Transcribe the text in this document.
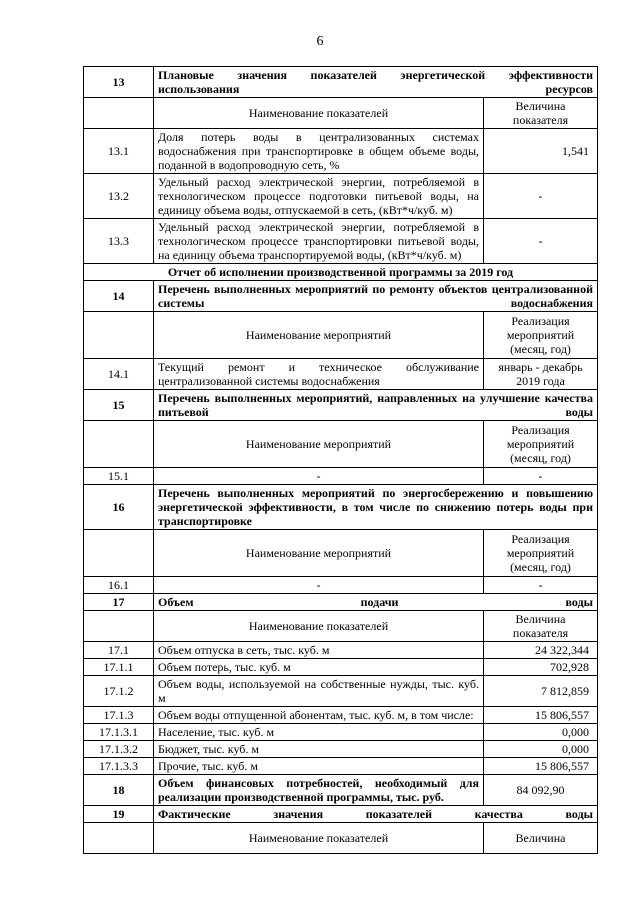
6
13	Плановые значения показателей энергетической эффективности использования ресурсов	
	Наименование показателей	Величина показателя
13.1	Доля потерь воды в централизованных системах водоснабжения при транспортировке в общем объеме воды, поданной в водопроводную сеть, %	1,541
13.2	Удельный расход электрической энергии, потребляемой в технологическом процессе подготовки питьевой воды, на единицу объема воды, отпускаемой в сеть, (кВт*ч/куб. м)	-
13.3	Удельный расход электрической энергии, потребляемой в технологическом процессе транспортировки питьевой воды, на единицу объема транспортируемой воды, (кВт*ч/куб. м)	-
Отчет об исполнении производственной программы за 2019 год		
14	Перечень выполненных мероприятий по ремонту объектов централизованной системы водоснабжения	
	Наименование мероприятий	Реализация мероприятий (месяц, год)
14.1	Текущий ремонт и техническое обслуживание централизованной системы водоснабжения	январь - декабрь 2019 года
15	Перечень выполненных мероприятий, направленных на улучшение качества питьевой воды	
	Наименование мероприятий	Реализация мероприятий (месяц, год)
15.1	-	-
16	Перечень выполненных мероприятий по энергосбережению и повышению энергетической эффективности, в том числе по снижению потерь воды при транспортировке	
	Наименование мероприятий	Реализация мероприятий (месяц, год)
16.1	-	-
17	Объем подачи воды	
	Наименование показателей	Величина показателя
17.1	Объем отпуска в сеть, тыс. куб. м	24 322,344
17.1.1	Объем потерь, тыс. куб. м	702,928
17.1.2	Объем воды, используемой на собственные нужды, тыс. куб. м	7 812,859
17.1.3	Объем воды отпущенной абонентам, тыс. куб. м, в том числе:	15 806,557
17.1.3.1	Население, тыс. куб. м	0,000
17.1.3.2	Бюджет, тыс. куб. м	0,000
17.1.3.3	Прочие, тыс. куб. м	15 806,557
18	Объем финансовых потребностей, необходимый для реализации производственной программы, тыс. руб.	84 092,90
19	Фактические значения показателей качества воды	
	Наименование показателей	Величина
